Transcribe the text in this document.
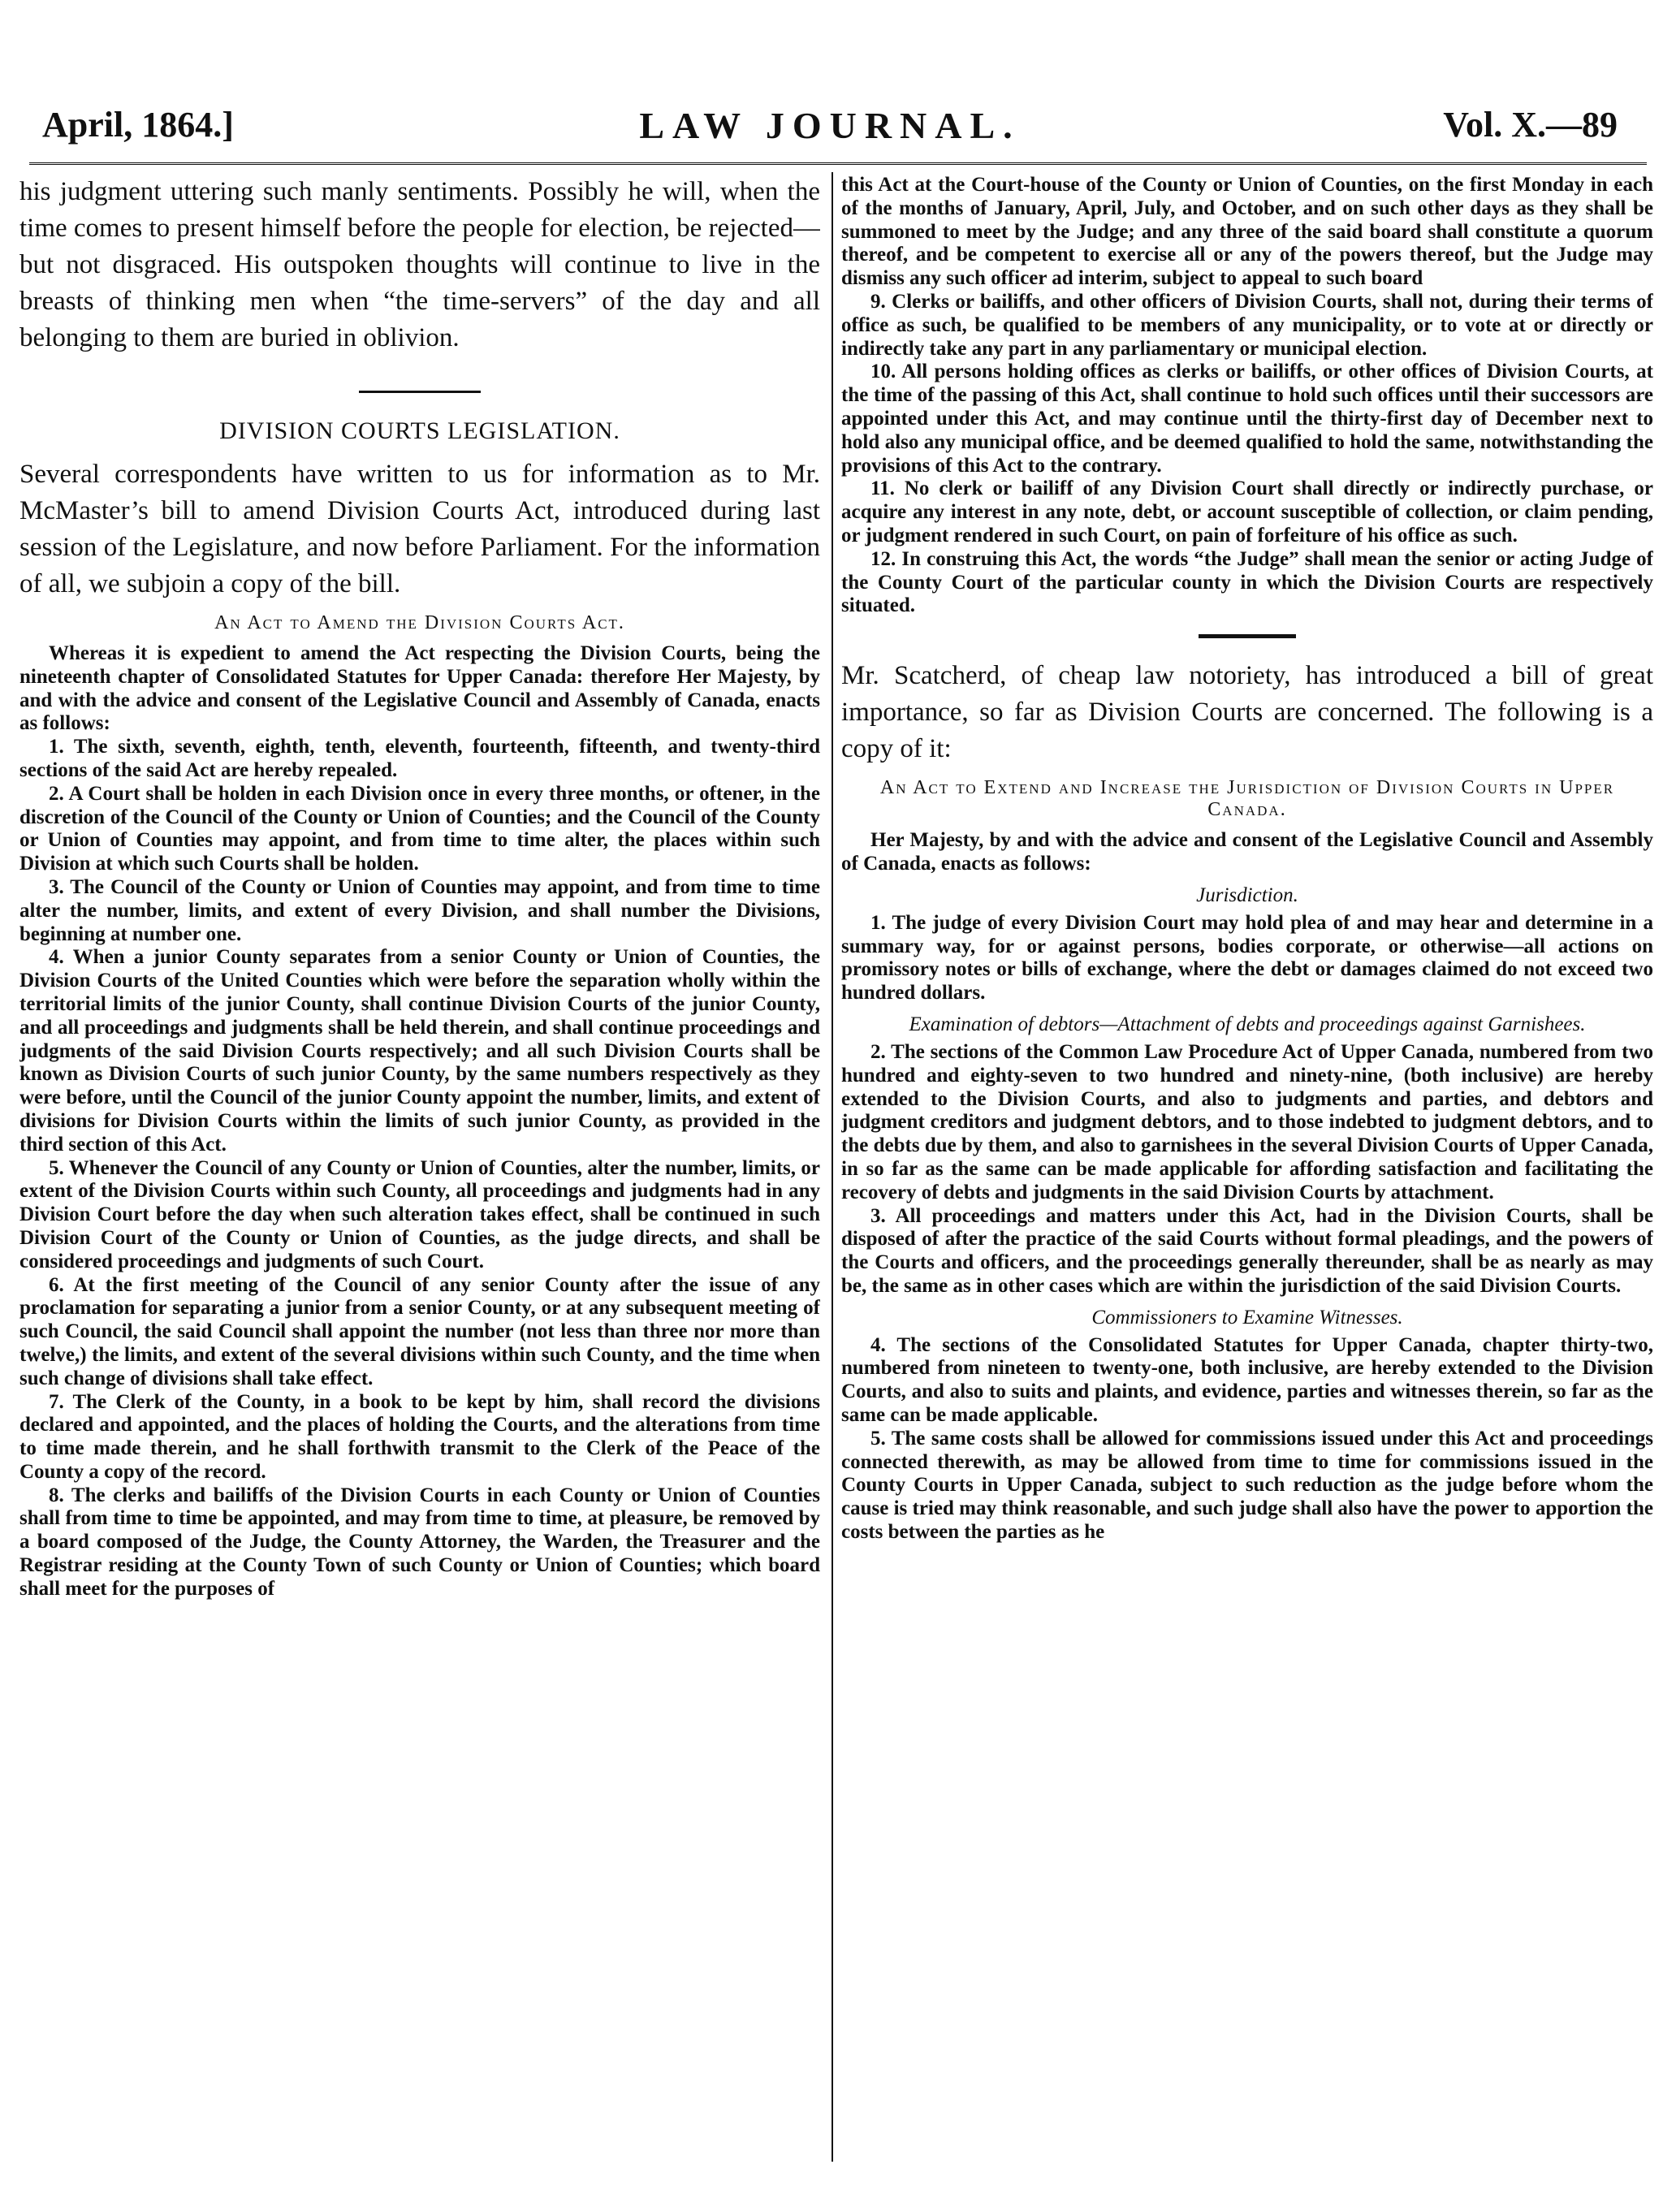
April, 1864.]	LAW JOURNAL.	Vol. X.—89

his judgment uttering such manly sentiments. Possibly he will, when the time comes to present himself before the people for election, be rejected—but not disgraced. His outspoken thoughts will continue to live in the breasts of thinking men when “the time-servers” of the day and all belonging to them are buried in oblivion.

DIVISION COURTS LEGISLATION.

Several correspondents have written to us for information as to Mr. McMaster’s bill to amend Division Courts Act, introduced during last session of the Legislature, and now before Parliament. For the information of all, we subjoin a copy of the bill.

An Act to Amend the Division Courts Act.

Whereas it is expedient to amend the Act respecting the Division Courts, being the nineteenth chapter of Consolidated Statutes for Upper Canada: therefore Her Majesty, by and with the advice and consent of the Legislative Council and Assembly of Canada, enacts as follows:

1. The sixth, seventh, eighth, tenth, eleventh, fourteenth, fifteenth, and twenty-third sections of the said Act are hereby repealed.

2. A Court shall be holden in each Division once in every three months, or oftener, in the discretion of the Council of the County or Union of Counties; and the Council of the County or Union of Counties may appoint, and from time to time alter, the places within such Division at which such Courts shall be holden.

3. The Council of the County or Union of Counties may appoint, and from time to time alter the number, limits, and extent of every Division, and shall number the Divisions, beginning at number one.

4. When a junior County separates from a senior County or Union of Counties, the Division Courts of the United Counties which were before the separation wholly within the territorial limits of the junior County, shall continue Division Courts of the junior County, and all proceedings and judgments shall be held therein, and shall continue proceedings and judgments of the said Division Courts respectively; and all such Division Courts shall be known as Division Courts of such junior County, by the same numbers respectively as they were before, until the Council of the junior County appoint the number, limits, and extent of divisions for Division Courts within the limits of such junior County, as provided in the third section of this Act.

5. Whenever the Council of any County or Union of Counties, alter the number, limits, or extent of the Division Courts within such County, all proceedings and judgments had in any Division Court before the day when such alteration takes effect, shall be continued in such Division Court of the County or Union of Counties, as the judge directs, and shall be considered proceedings and judgments of such Court.

6. At the first meeting of the Council of any senior County after the issue of any proclamation for separating a junior from a senior County, or at any subsequent meeting of such Council, the said Council shall appoint the number (not less than three nor more than twelve,) the limits, and extent of the several divisions within such County, and the time when such change of divisions shall take effect.

7. The Clerk of the County, in a book to be kept by him, shall record the divisions declared and appointed, and the places of holding the Courts, and the alterations from time to time made therein, and he shall forthwith transmit to the Clerk of the Peace of the County a copy of the record.

8. The clerks and bailiffs of the Division Courts in each County or Union of Counties shall from time to time be appointed, and may from time to time, at pleasure, be removed by a board composed of the Judge, the County Attorney, the Warden, the Treasurer and the Registrar residing at the County Town of such County or Union of Counties; which board shall meet for the purposes of

this Act at the Court-house of the County or Union of Counties, on the first Monday in each of the months of January, April, July, and October, and on such other days as they shall be summoned to meet by the Judge; and any three of the said board shall constitute a quorum thereof, and be competent to exercise all or any of the powers thereof, but the Judge may dismiss any such officer ad interim, subject to appeal to such board

9. Clerks or bailiffs, and other officers of Division Courts, shall not, during their terms of office as such, be qualified to be members of any municipality, or to vote at or directly or indirectly take any part in any parliamentary or municipal election.

10. All persons holding offices as clerks or bailiffs, or other offices of Division Courts, at the time of the passing of this Act, shall continue to hold such offices until their successors are appointed under this Act, and may continue until the thirty-first day of December next to hold also any municipal office, and be deemed qualified to hold the same, notwithstanding the provisions of this Act to the contrary.

11. No clerk or bailiff of any Division Court shall directly or indirectly purchase, or acquire any interest in any note, debt, or account susceptible of collection, or claim pending, or judgment rendered in such Court, on pain of forfeiture of his office as such.

12. In construing this Act, the words “the Judge” shall mean the senior or acting Judge of the County Court of the particular county in which the Division Courts are respectively situated.

Mr. Scatcherd, of cheap law notoriety, has introduced a bill of great importance, so far as Division Courts are concerned. The following is a copy of it:

An Act to Extend and Increase the Jurisdiction of Division Courts in Upper Canada.

Her Majesty, by and with the advice and consent of the Legislative Council and Assembly of Canada, enacts as follows:

Jurisdiction.

1. The judge of every Division Court may hold plea of and may hear and determine in a summary way, for or against persons, bodies corporate, or otherwise—all actions on promissory notes or bills of exchange, where the debt or damages claimed do not exceed two hundred dollars.

Examination of debtors—Attachment of debts and proceedings against Garnishees.

2. The sections of the Common Law Procedure Act of Upper Canada, numbered from two hundred and eighty-seven to two hundred and ninety-nine, (both inclusive) are hereby extended to the Division Courts, and also to judgments and parties, and debtors and judgment creditors and judgment debtors, and to those indebted to judgment debtors, and to the debts due by them, and also to garnishees in the several Division Courts of Upper Canada, in so far as the same can be made applicable for affording satisfaction and facilitating the recovery of debts and judgments in the said Division Courts by attachment.

3. All proceedings and matters under this Act, had in the Division Courts, shall be disposed of after the practice of the said Courts without formal pleadings, and the powers of the Courts and officers, and the proceedings generally thereunder, shall be as nearly as may be, the same as in other cases which are within the jurisdiction of the said Division Courts.

Commissioners to Examine Witnesses.

4. The sections of the Consolidated Statutes for Upper Canada, chapter thirty-two, numbered from nineteen to twenty-one, both inclusive, are hereby extended to the Division Courts, and also to suits and plaints, and evidence, parties and witnesses therein, so far as the same can be made applicable.

5. The same costs shall be allowed for commissions issued under this Act and proceedings connected therewith, as may be allowed from time to time for commissions issued in the County Courts in Upper Canada, subject to such reduction as the judge before whom the cause is tried may think reasonable, and such judge shall also have the power to apportion the costs between the parties as he
